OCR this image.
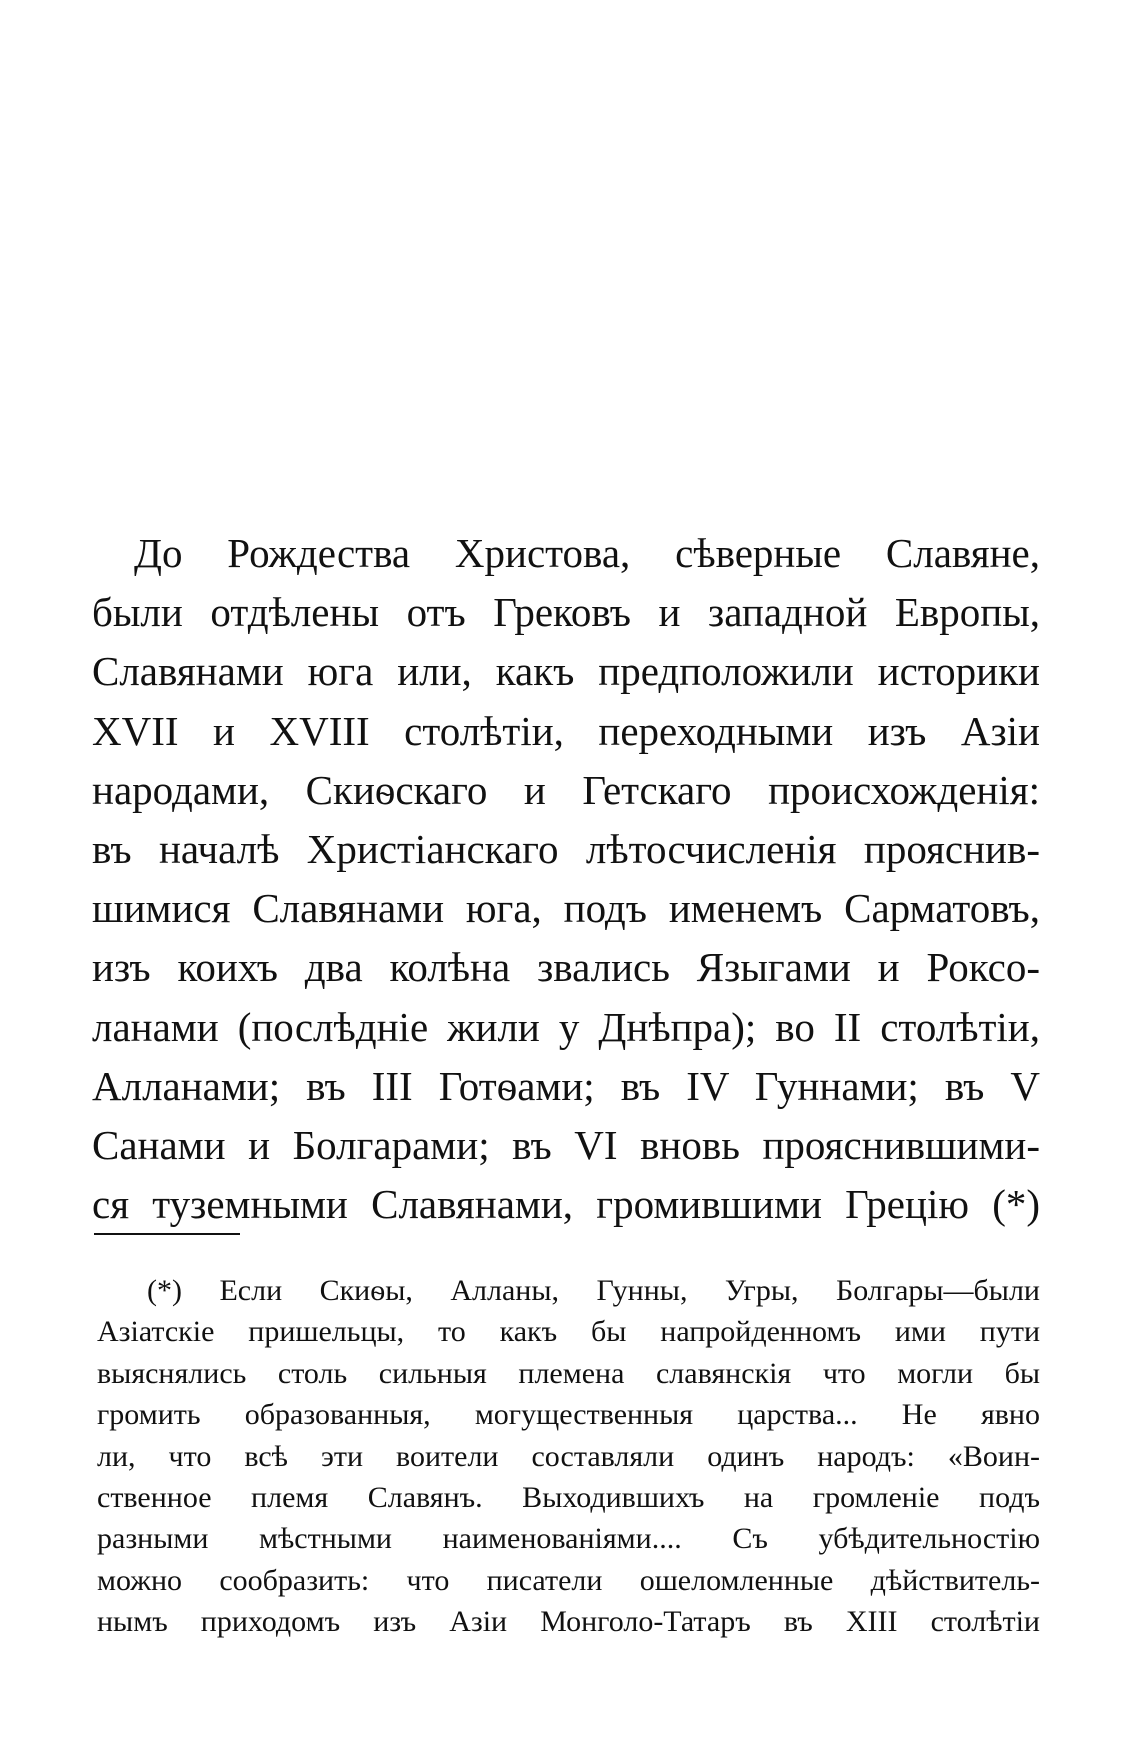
До Рождества Христова, сѣверные Славяне,
были отдѣлены отъ Грековъ и западной Европы,
Славянами юга или, какъ предположили историки
XVII и XVIII столѣтіи, переходными изъ Азіи
народами, Скиѳскаго и Гетскаго происхожденія:
въ началѣ Христіанскаго лѣтосчисленія прояснив-
шимися Славянами юга, подъ именемъ Сарматовъ,
изъ коихъ два колѣна звались Языгами и Роксо-
ланами (послѣдніе жили у Днѣпра); во II столѣтіи,
Алланами; въ III Готѳами; въ IV Гуннами; въ V
Санами и Болгарами; въ VI вновь прояснившими-
ся туземными Славянами, громившими Грецію (*)
(*) Если Скиѳы, Алланы, Гунны, Угры, Болгары—были
Азіатскіе пришельцы, то какъ бы напройденномъ ими пути
выяснялись столь сильныя племена славянскія что могли бы
громить образованныя, могущественныя царства... Не явно
ли, что всѣ эти воители составляли одинъ народъ: «Воин-
ственное племя Славянъ. Выходившихъ на громленіе подъ
разными мѣстными наименованіями.... Съ убѣдительностію
можно сообразить: что писатели ошеломленные дѣйствитель-
нымъ приходомъ изъ Азіи Монголо-Татаръ въ XIII столѣтіи
